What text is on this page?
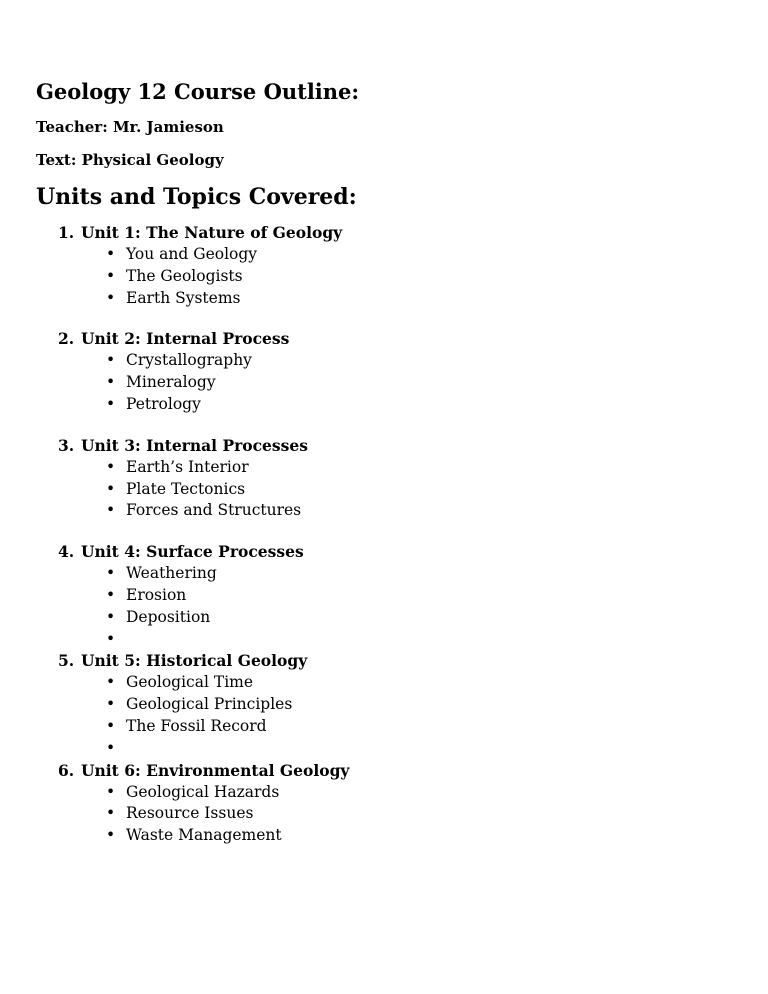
Geology 12 Course Outline:

Teacher: Mr. Jamieson

Text: Physical Geology

Units and Topics Covered:
1. Unit 1: The Nature of Geology
• You and Geology
• The Geologists
• Earth Systems
2. Unit 2: Internal Process
• Crystallography
• Mineralogy
• Petrology
3. Unit 3: Internal Processes
• Earth’s Interior
• Plate Tectonics
• Forces and Structures
4. Unit 4: Surface Processes
• Weathering
• Erosion
• Deposition
•
5. Unit 5: Historical Geology
• Geological Time
• Geological Principles
• The Fossil Record
•
6. Unit 6: Environmental Geology
• Geological Hazards
• Resource Issues
• Waste Management
